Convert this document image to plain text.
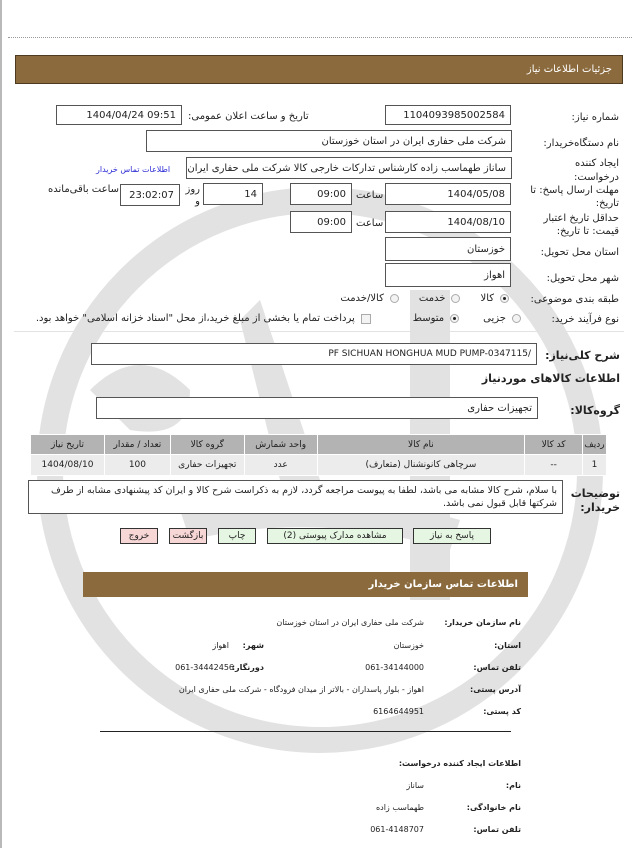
جزئیات اطلاعات نیاز
شماره نیاز:
1104093985002584
تاریخ و ساعت اعلان عمومی:
1404/04/24 09:51
نام دستگاه‌خریدار:
شرکت ملی حفاری ایران در استان خوزستان
ایجاد کننده درخواست:
ساناز طهماسب زاده کارشناس تدارکات خارجی کالا شرکت ملی حفاری ایران
اطلاعات تماس خریدار
مهلت ارسال پاسخ: تا تاریخ:
1404/05/08
ساعت
09:00
14
روز و
23:02:07
ساعت باقی‌مانده
حداقل تاریخ اعتبار قیمت: تا تاریخ:
1404/08/10
ساعت
09:00
استان محل تحویل:
خوزستان
شهر محل تحویل:
اهواز
طبقه بندی موضوعی:
کالا
خدمت
کالا/خدمت
نوع فرآیند خرید:
جزیی
متوسط
پرداخت تمام یا بخشی از مبلغ خرید،از محل "اسناد خزانه اسلامی" خواهد بود.
شرح کلی‌نیاز:
PF SICHUAN HONGHUA MUD PUMP-0347115/
اطلاعات کالاهای موردنیاز
گروه‌کالا:
تجهیزات حفاری
ردیف	کد کالا	نام کالا	واحد شمارش	گروه کالا	تعداد / مقدار	تاریخ نیاز
1	--	سرچاهی کانونشنال (متعارف)	عدد	تجهیزات حفاری	100	1404/08/10
توضیحات خریدار:
با سلام، شرح کالا مشابه می باشد، لطفا به پیوست مراجعه گردد، لازم به ذکراست شرح کالا و ایران کد پیشنهادی مشابه از طرف شرکتها قابل قبول نمی باشد.
پاسخ به نیاز
مشاهده مدارک پیوستی (2)
چاپ
بازگشت
خروج
اطلاعات تماس سازمان خریدار
نام سازمان خریدار:
شرکت ملی حفاری ایران در استان خوزستان
استان:
خوزستان
شهر:
اهواز
تلفن تماس:
061-34144000
دورنگار:
061-34442456
آدرس پستی:
اهواز - بلوار پاسداران - بالاتر از میدان فرودگاه - شرکت ملی حفاری ایران
کد پستی:
6164644951
اطلاعات ایجاد کننده درخواست:
نام:
ساناز
نام خانوادگی:
طهماسب زاده
تلفن تماس:
061-4148707
